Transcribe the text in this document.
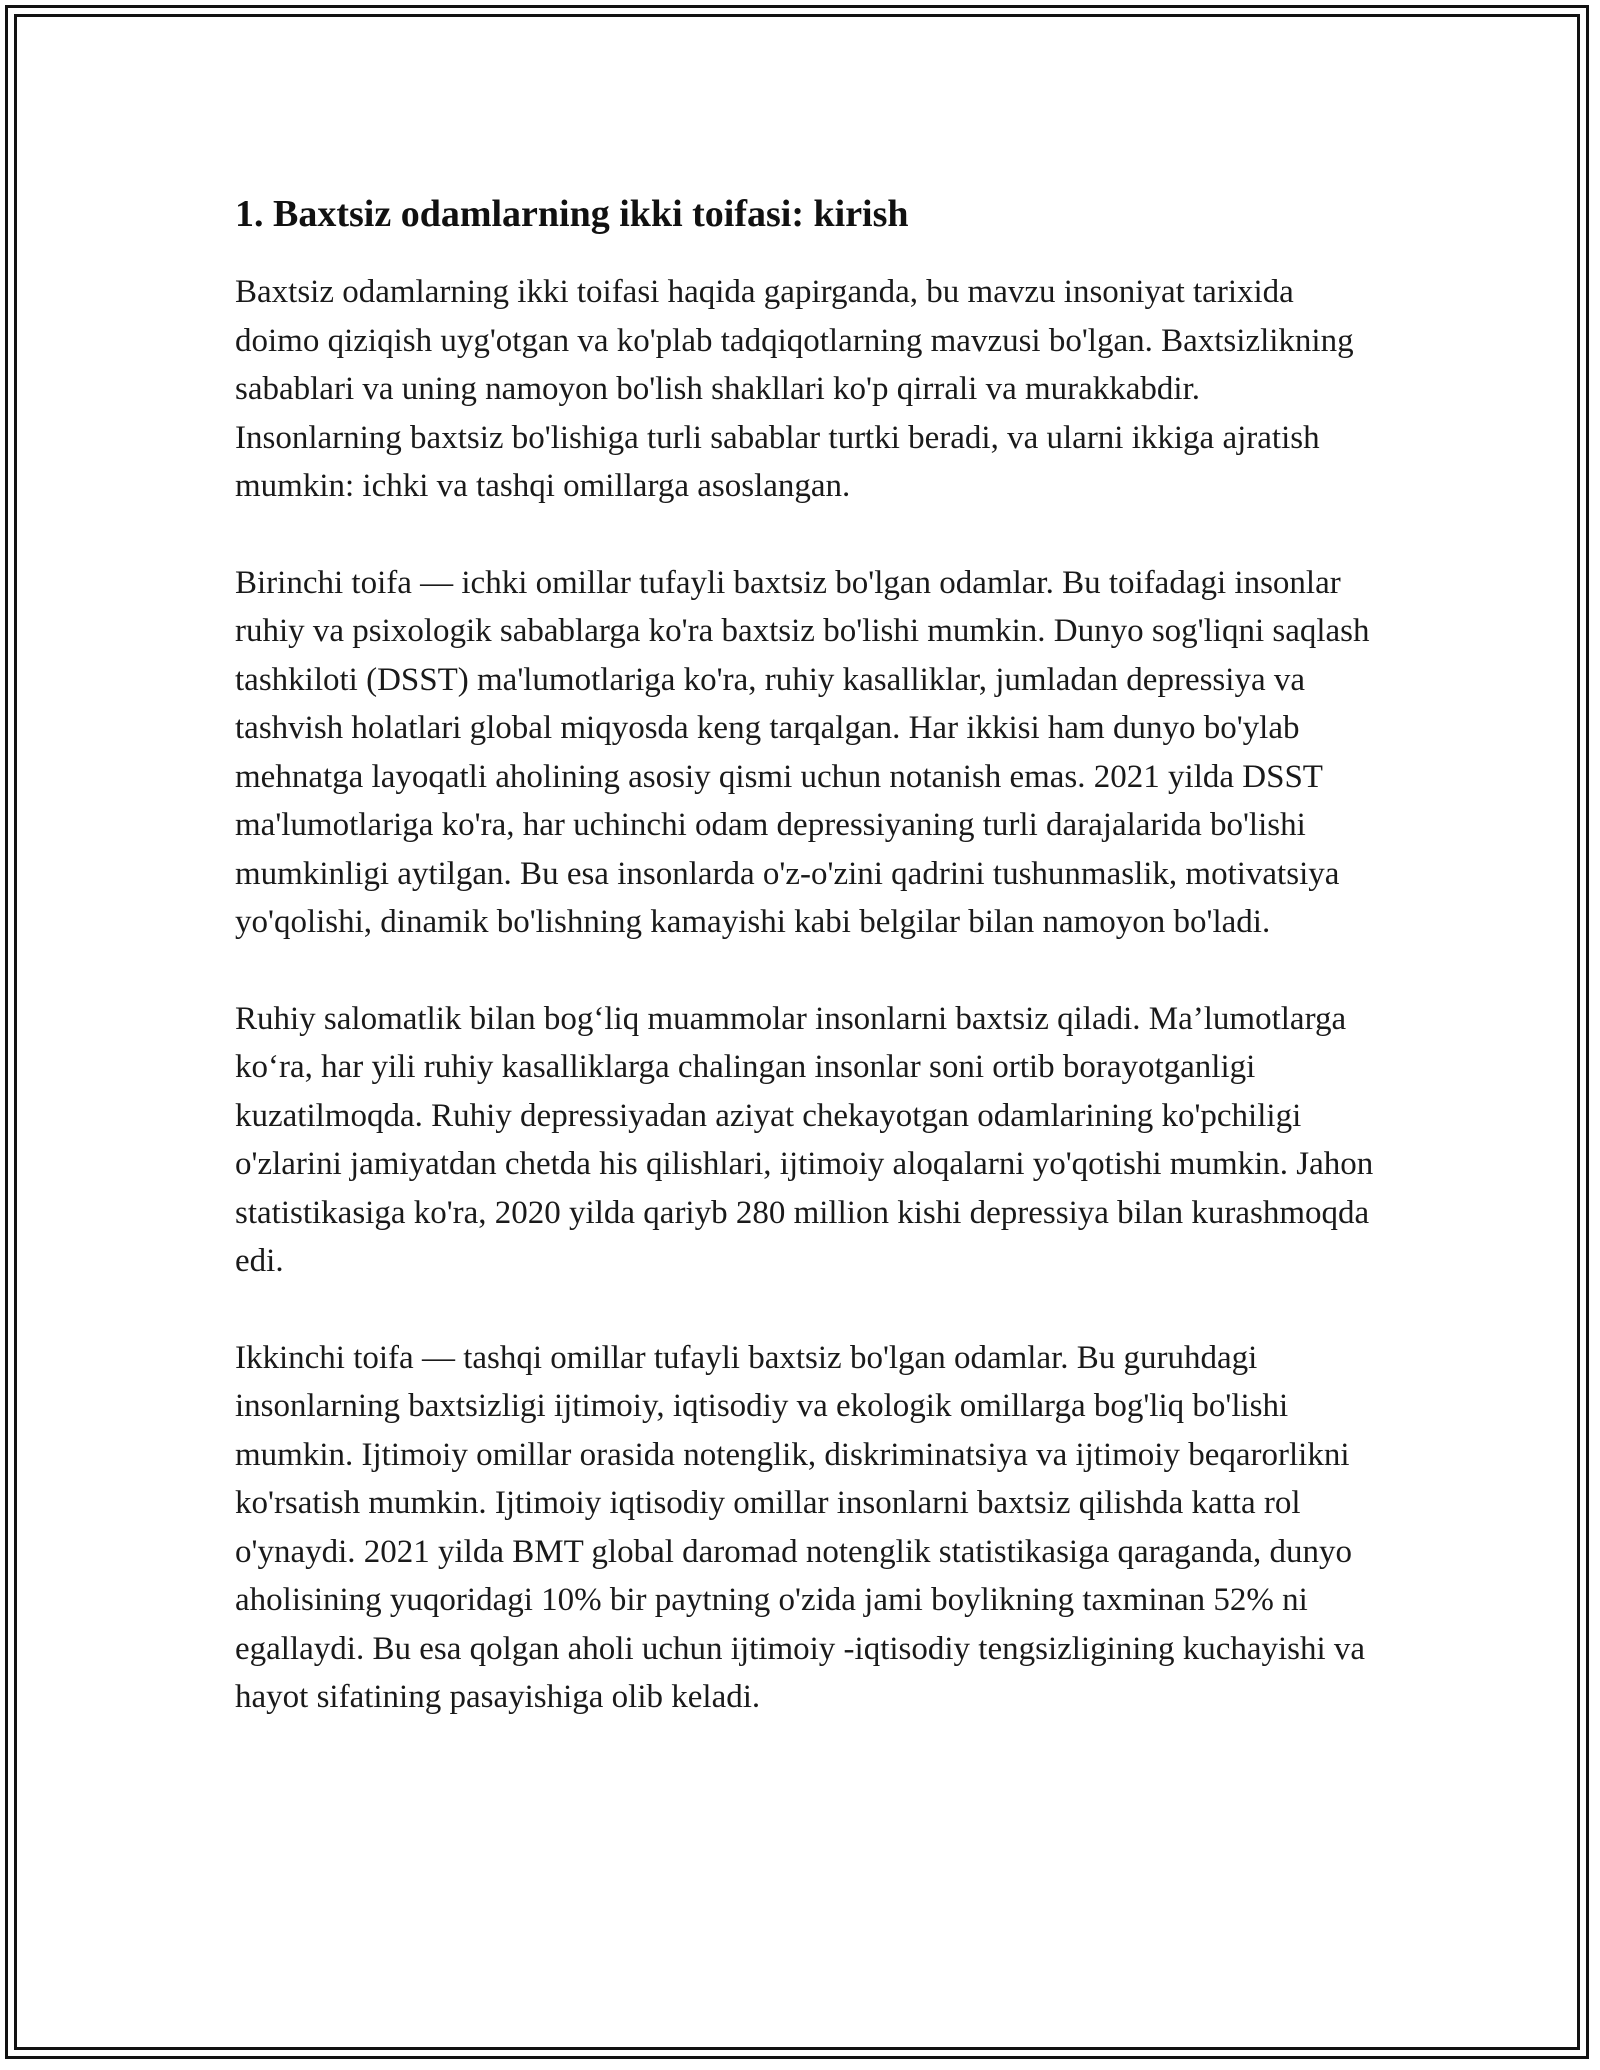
1. Baxtsiz odamlarning ikki toifasi: kirish

Baxtsiz odamlarning ikki toifasi haqida gapirganda, bu mavzu insoniyat tarixida doimo qiziqish uyg'otgan va ko'plab tadqiqotlarning mavzusi bo'lgan. Baxtsizlikning sabablari va uning namoyon bo'lish shakllari ko'p qirrali va murakkabdir. Insonlarning baxtsiz bo'lishiga turli sabablar turtki beradi, va ularni ikkiga ajratish mumkin: ichki va tashqi omillarga asoslangan.

Birinchi toifa — ichki omillar tufayli baxtsiz bo'lgan odamlar. Bu toifadagi insonlar ruhiy va psixologik sabablarga ko'ra baxtsiz bo'lishi mumkin. Dunyo sog'liqni saqlash tashkiloti (DSST) ma'lumotlariga ko'ra, ruhiy kasalliklar, jumladan depressiya va tashvish holatlari global miqyosda keng tarqalgan. Har ikkisi ham dunyo bo'ylab mehnatga layoqatli aholining asosiy qismi uchun notanish emas. 2021 yilda DSST ma'lumotlariga ko'ra, har uchinchi odam depressiyaning turli darajalarida bo'lishi mumkinligi aytilgan. Bu esa insonlarda o'z-o'zini qadrini tushunmaslik, motivatsiya yo'qolishi, dinamik bo'lishning kamayishi kabi belgilar bilan namoyon bo'ladi.

Ruhiy salomatlik bilan bog‘liq muammolar insonlarni baxtsiz qiladi. Ma’lumotlarga ko‘ra, har yili ruhiy kasalliklarga chalingan insonlar soni ortib borayotganligi kuzatilmoqda. Ruhiy depressiyadan aziyat chekayotgan odamlarining ko'pchiligi o'zlarini jamiyatdan chetda his qilishlari, ijtimoiy aloqalarni yo'qotishi mumkin. Jahon statistikasiga ko'ra, 2020 yilda qariyb 280 million kishi depressiya bilan kurashmoqda edi.

Ikkinchi toifa — tashqi omillar tufayli baxtsiz bo'lgan odamlar. Bu guruhdagi insonlarning baxtsizligi ijtimoiy, iqtisodiy va ekologik omillarga bog'liq bo'lishi mumkin. Ijtimoiy omillar orasida notenglik, diskriminatsiya va ijtimoiy beqarorlikni ko'rsatish mumkin. Ijtimoiy iqtisodiy omillar insonlarni baxtsiz qilishda katta rol o'ynaydi. 2021 yilda BMT global daromad notenglik statistikasiga qaraganda, dunyo aholisining yuqoridagi 10% bir paytning o'zida jami boylikning taxminan 52% ni egallaydi. Bu esa qolgan aholi uchun ijtimoiy -iqtisodiy tengsizligining kuchayishi va hayot sifatining pasayishiga olib keladi.
